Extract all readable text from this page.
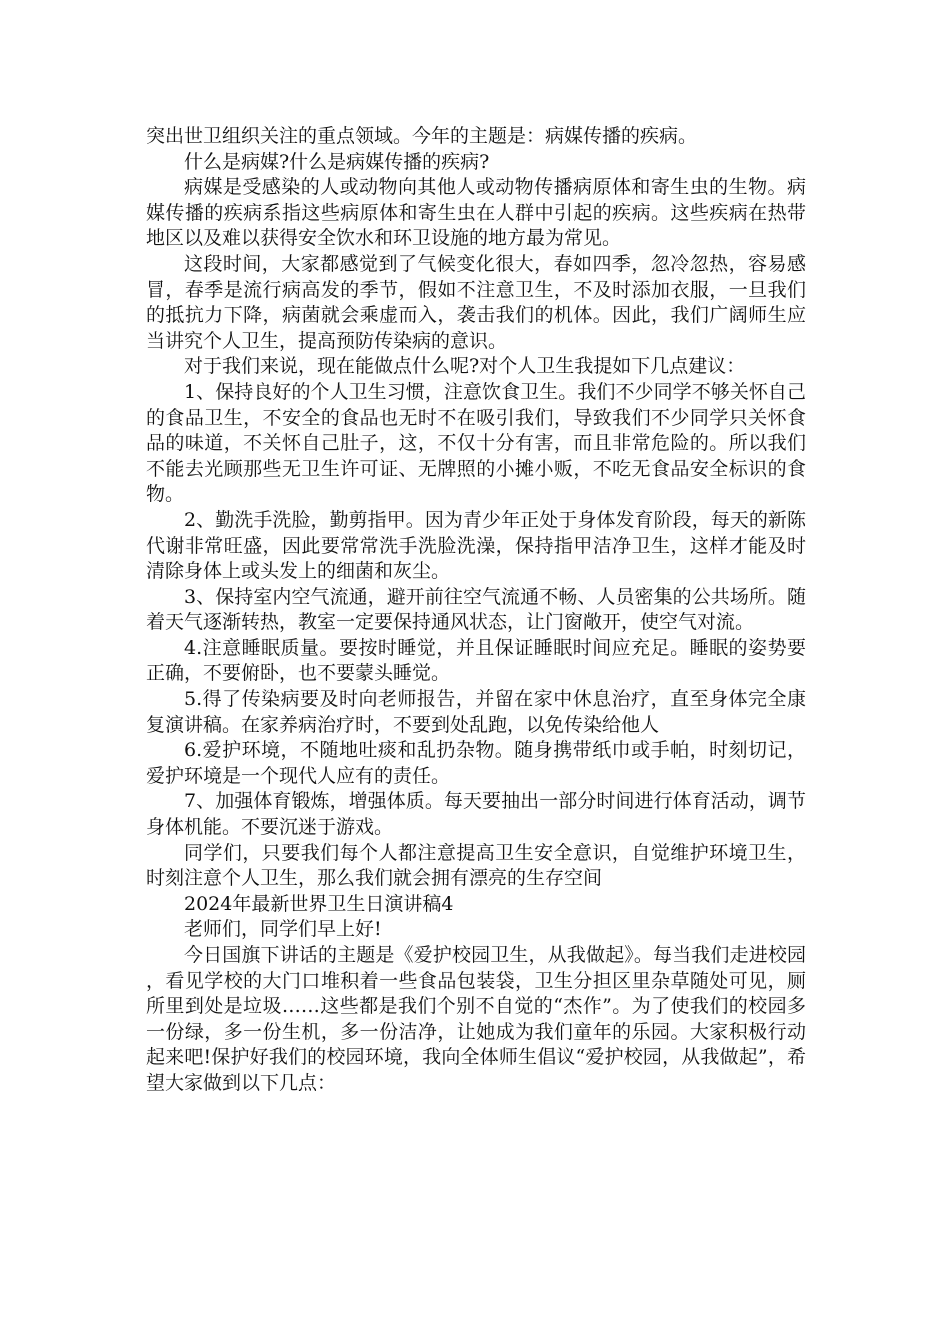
突出世卫组织关注的重点领域。今年的主题是：病媒传播的疾病。

什么是病媒?什么是病媒传播的疾病?

病媒是受感染的人或动物向其他人或动物传播病原体和寄生虫的生物。病媒传播的疾病系指这些病原体和寄生虫在人群中引起的疾病。这些疾病在热带地区以及难以获得安全饮水和环卫设施的地方最为常见。

这段时间，大家都感觉到了气候变化很大，春如四季，忽冷忽热，容易感冒，春季是流行病高发的季节，假如不注意卫生，不及时添加衣服，一旦我们的抵抗力下降，病菌就会乘虚而入，袭击我们的机体。因此，我们广阔师生应当讲究个人卫生，提高预防传染病的意识。

对于我们来说，现在能做点什么呢?对个人卫生我提如下几点建议：

1、保持良好的个人卫生习惯，注意饮食卫生。我们不少同学不够关怀自己的食品卫生，不安全的食品也无时不在吸引我们，导致我们不少同学只关怀食品的味道，不关怀自己肚子，这，不仅十分有害，而且非常危险的。所以我们不能去光顾那些无卫生许可证、无牌照的小摊小贩，不吃无食品安全标识的食物。

2、勤洗手洗脸，勤剪指甲。因为青少年正处于身体发育阶段，每天的新陈代谢非常旺盛，因此要常常洗手洗脸洗澡，保持指甲洁净卫生，这样才能及时清除身体上或头发上的细菌和灰尘。

3、保持室内空气流通，避开前往空气流通不畅、人员密集的公共场所。随着天气逐渐转热，教室一定要保持通风状态，让门窗敞开，使空气对流。

4.注意睡眠质量。要按时睡觉，并且保证睡眠时间应充足。睡眠的姿势要正确，不要俯卧，也不要蒙头睡觉。

5.得了传染病要及时向老师报告，并留在家中休息治疗，直至身体完全康复演讲稿。在家养病治疗时，不要到处乱跑，以免传染给他人

6.爱护环境，不随地吐痰和乱扔杂物。随身携带纸巾或手帕，时刻切记，爱护环境是一个现代人应有的责任。

7、加强体育锻炼，增强体质。每天要抽出一部分时间进行体育活动，调节身体机能。不要沉迷于游戏。

同学们，只要我们每个人都注意提高卫生安全意识，自觉维护环境卫生，时刻注意个人卫生，那么我们就会拥有漂亮的生存空间

2024年最新世界卫生日演讲稿4

老师们，同学们早上好!

今日国旗下讲话的主题是《爱护校园卫生，从我做起》。每当我们走进校园，看见学校的大门口堆积着一些食品包装袋，卫生分担区里杂草随处可见，厕所里到处是垃圾……这些都是我们个别不自觉的“杰作”。为了使我们的校园多一份绿，多一份生机，多一份洁净，让她成为我们童年的乐园。大家积极行动起来吧!保护好我们的校园环境，我向全体师生倡议“爱护校园，从我做起”，希望大家做到以下几点：
